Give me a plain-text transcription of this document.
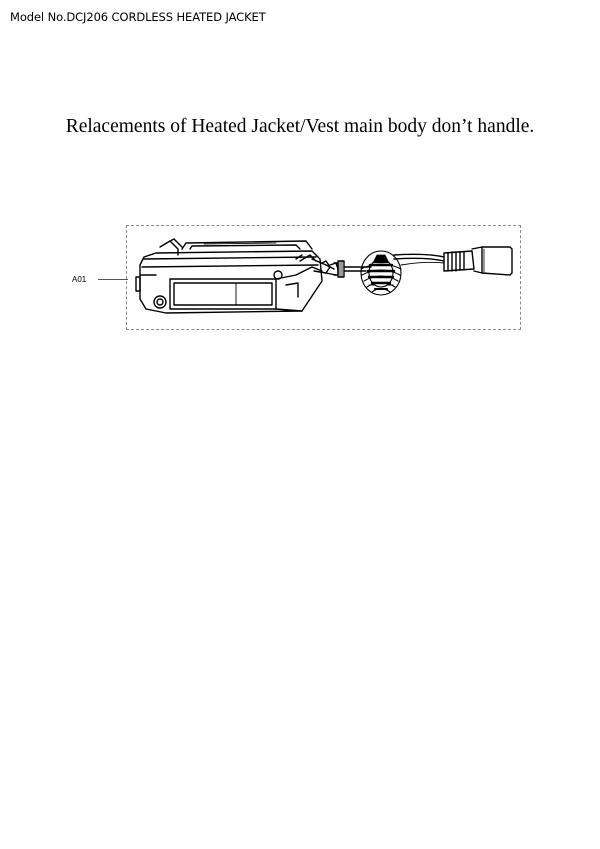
Model No.DCJ206 CORDLESS HEATED JACKET
Relacements of Heated Jacket/Vest main body don’t handle.
A01
